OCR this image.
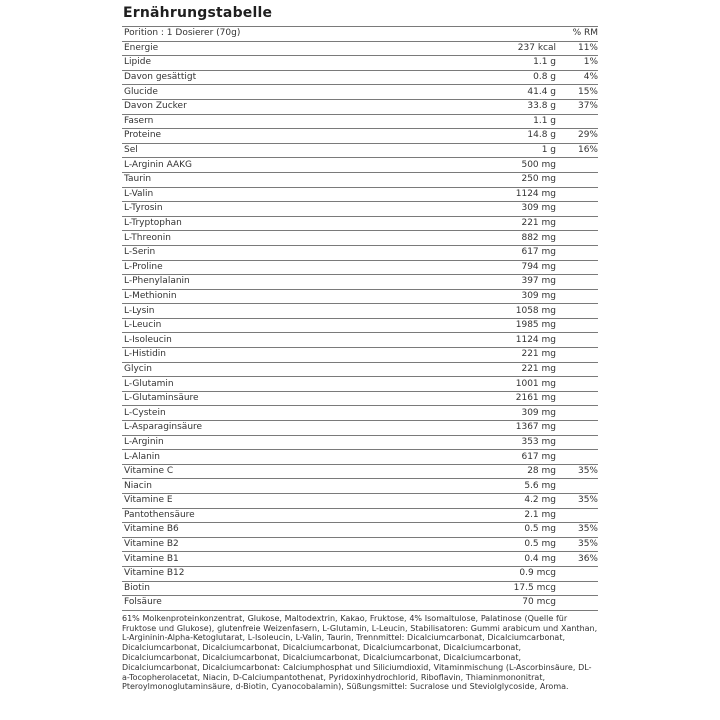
Ernährungstabelle
Porition : 1 Dosierer (70g)	% RM
Energie	237 kcal	11%
Lipide	1.1 g	1%
Davon gesättigt	0.8 g	4%
Glucide	41.4 g	15%
Davon Zucker	33.8 g	37%
Fasern	1.1 g
Proteine	14.8 g	29%
Sel	1 g	16%
L-Arginin AAKG	500 mg
Taurin	250 mg
L-Valin	1124 mg
L-Tyrosin	309 mg
L-Tryptophan	221 mg
L-Threonin	882 mg
L-Serin	617 mg
L-Proline	794 mg
L-Phenylalanin	397 mg
L-Methionin	309 mg
L-Lysin	1058 mg
L-Leucin	1985 mg
L-Isoleucin	1124 mg
L-Histidin	221 mg
Glycin	221 mg
L-Glutamin	1001 mg
L-Glutaminsäure	2161 mg
L-Cystein	309 mg
L-Asparaginsäure	1367 mg
L-Arginin	353 mg
L-Alanin	617 mg
Vitamine C	28 mg	35%
Niacin	5.6 mg
Vitamine E	4.2 mg	35%
Pantothensäure	2.1 mg
Vitamine B6	0.5 mg	35%
Vitamine B2	0.5 mg	35%
Vitamine B1	0.4 mg	36%
Vitamine B12	0.9 mcg
Biotin	17.5 mcg
Folsäure	70 mcg

61% Molkenproteinkonzentrat, Glukose, Maltodextrin, Kakao, Fruktose, 4% Isomaltulose, Palatinose (Quelle für Fruktose und Glukose), glutenfreie Weizenfasern, L-Glutamin, L-Leucin, Stabilisatoren: Gummi arabicum und Xanthan, L-Argininin-Alpha-Ketoglutarat, L-Isoleucin, L-Valin, Taurin, Trennmittel: Dicalciumcarbonat, Dicalciumcarbonat, Dicalciumcarbonat, Dicalciumcarbonat, Dicalciumcarbonat, Dicalciumcarbonat, Dicalciumcarbonat, Dicalciumcarbonat, Dicalciumcarbonat, Dicalciumcarbonat, Dicalciumcarbonat, Dicalciumcarbonat, Dicalciumcarbonat, Dicalciumcarbonat: Calciumphosphat und Siliciumdioxid, Vitaminmischung (L-Ascorbinsäure, DL-a-Tocopherolacetat, Niacin, D-Calciumpantothenat, Pyridoxinhydrochlorid, Riboflavin, Thiaminmononitrat, Pteroylmonoglutaminsäure, d-Biotin, Cyanocobalamin), Süßungsmittel: Sucralose und Steviolglycoside, Aroma.
